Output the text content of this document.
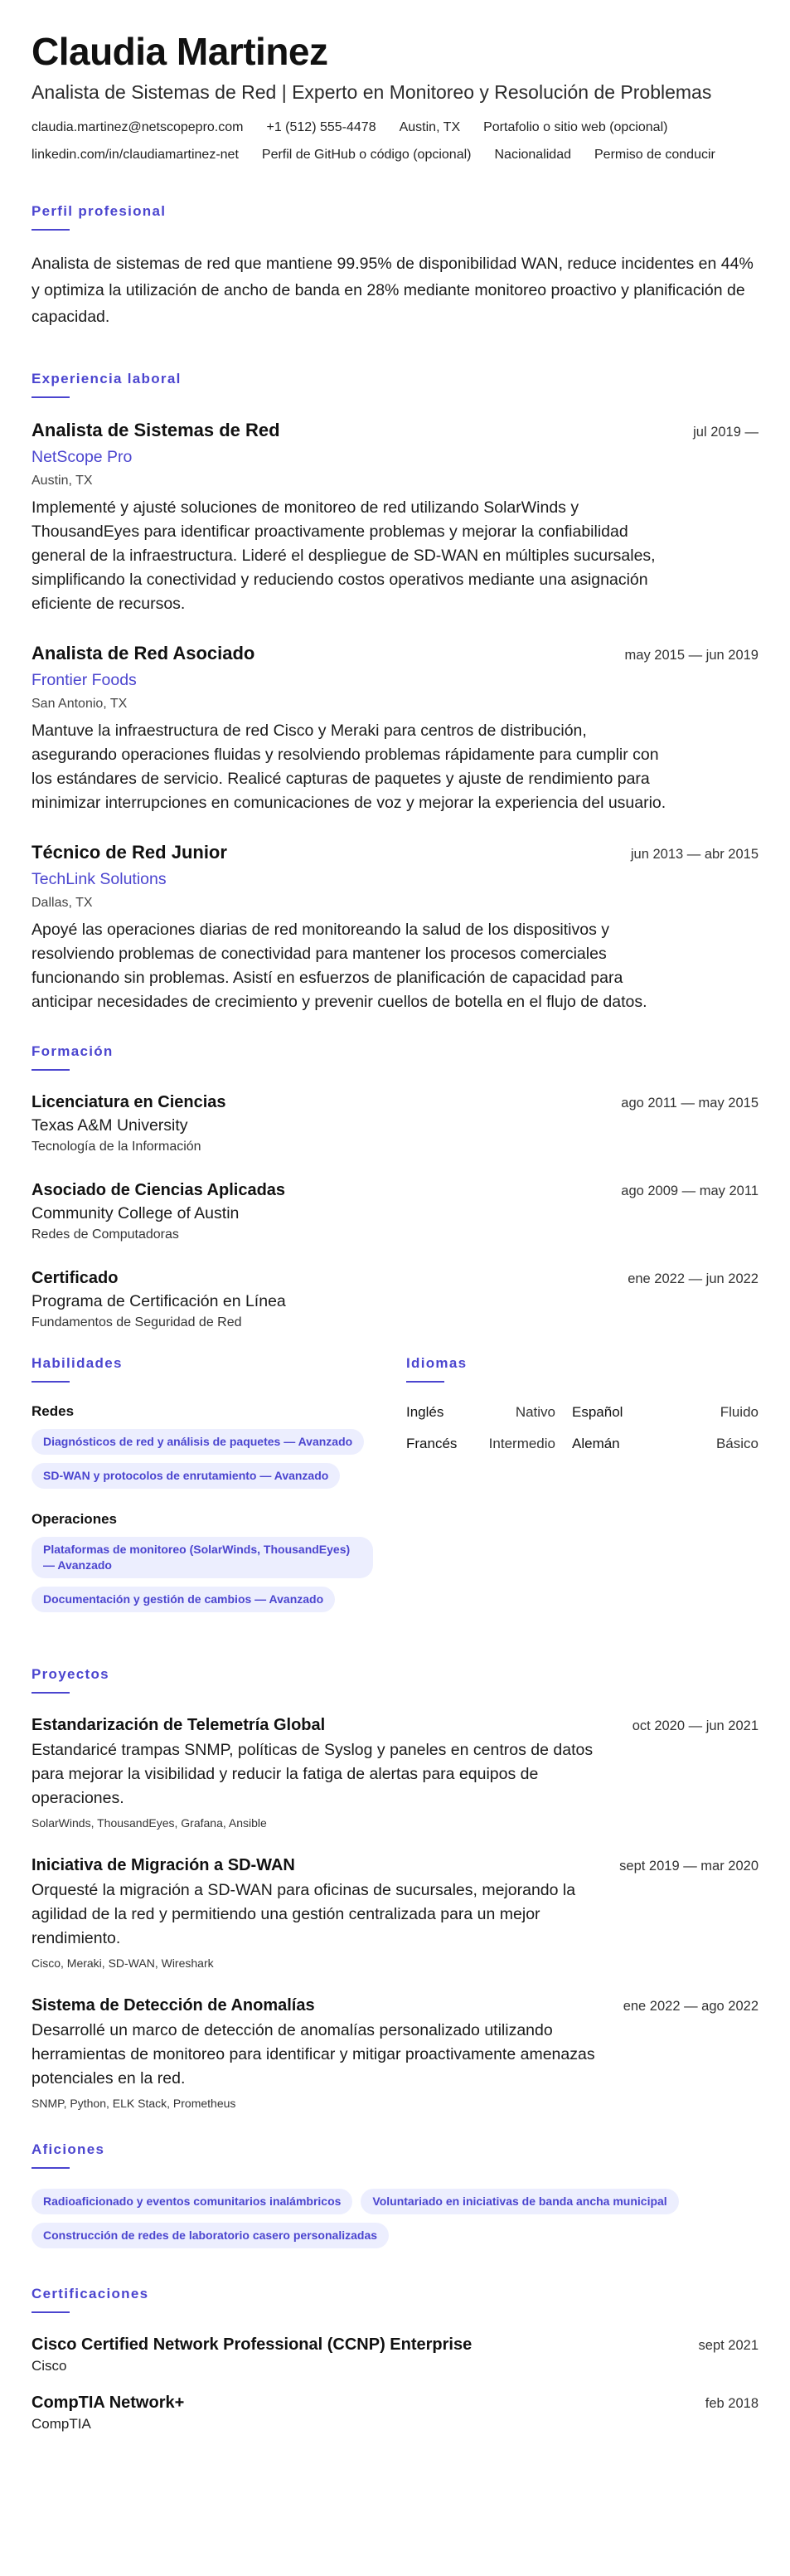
Claudia Martinez
Analista de Sistemas de Red | Experto en Monitoreo y Resolución de Problemas
claudia.martinez@netscopepro.com +1 (512) 555-4478 Austin, TX Portafolio o sitio web (opcional)
linkedin.com/in/claudiamartinez-net Perfil de GitHub o código (opcional) Nacionalidad Permiso de conducir
Perfil profesional

Analista de sistemas de red que mantiene 99.95% de disponibilidad WAN, reduce incidentes en 44% y optimiza la utilización de ancho de banda en 28% mediante monitoreo proactivo y planificación de capacidad.

Experiencia laboral
Analista de Sistemas de Red	jul 2019 —
NetScope Pro
Austin, TX

Implementé y ajusté soluciones de monitoreo de red utilizando SolarWinds y ThousandEyes para identificar proactivamente problemas y mejorar la confiabilidad general de la infraestructura. Lideré el despliegue de SD-WAN en múltiples sucursales, simplificando la conectividad y reduciendo costos operativos mediante una asignación eficiente de recursos.

Analista de Red Asociado	may 2015 — jun 2019
Frontier Foods
San Antonio, TX

Mantuve la infraestructura de red Cisco y Meraki para centros de distribución, asegurando operaciones fluidas y resolviendo problemas rápidamente para cumplir con los estándares de servicio. Realicé capturas de paquetes y ajuste de rendimiento para minimizar interrupciones en comunicaciones de voz y mejorar la experiencia del usuario.

Técnico de Red Junior	jun 2013 — abr 2015
TechLink Solutions
Dallas, TX

Apoyé las operaciones diarias de red monitoreando la salud de los dispositivos y resolviendo problemas de conectividad para mantener los procesos comerciales funcionando sin problemas. Asistí en esfuerzos de planificación de capacidad para anticipar necesidades de crecimiento y prevenir cuellos de botella en el flujo de datos.

Formación
Licenciatura en Ciencias	ago 2011 — may 2015
Texas A&M University
Tecnología de la Información
Asociado de Ciencias Aplicadas	ago 2009 — may 2011
Community College of Austin
Redes de Computadoras
Certificado	ene 2022 — jun 2022
Programa de Certificación en Línea
Fundamentos de Seguridad de Red
Habilidades
Redes
Diagnósticos de red y análisis de paquetes — Avanzado
SD-WAN y protocolos de enrutamiento — Avanzado
Operaciones
Plataformas de monitoreo (SolarWinds, ThousandEyes) — Avanzado
Documentación y gestión de cambios — Avanzado
Idiomas
Inglés	Nativo Español	Fluido
Francés Intermedio Alemán	Básico
Proyectos
Estandarización de Telemetría Global	oct 2020 — jun 2021

Estandaricé trampas SNMP, políticas de Syslog y paneles en centros de datos para mejorar la visibilidad y reducir la fatiga de alertas para equipos de operaciones.

SolarWinds, ThousandEyes, Grafana, Ansible
Iniciativa de Migración a SD-WAN	sept 2019 — mar 2020

Orquesté la migración a SD-WAN para oficinas de sucursales, mejorando la agilidad de la red y permitiendo una gestión centralizada para un mejor rendimiento.

Cisco, Meraki, SD-WAN, Wireshark
Sistema de Detección de Anomalías	ene 2022 — ago 2022

Desarrollé un marco de detección de anomalías personalizado utilizando herramientas de monitoreo para identificar y mitigar proactivamente amenazas potenciales en la red.

SNMP, Python, ELK Stack, Prometheus
Aficiones
Radioaficionado y eventos comunitarios inalámbricos	Voluntariado en iniciativas de banda ancha municipal
Construcción de redes de laboratorio casero personalizadas
Certificaciones
Cisco Certified Network Professional (CCNP) Enterprise	sept 2021
Cisco
CompTIA Network+	feb 2018
CompTIA
